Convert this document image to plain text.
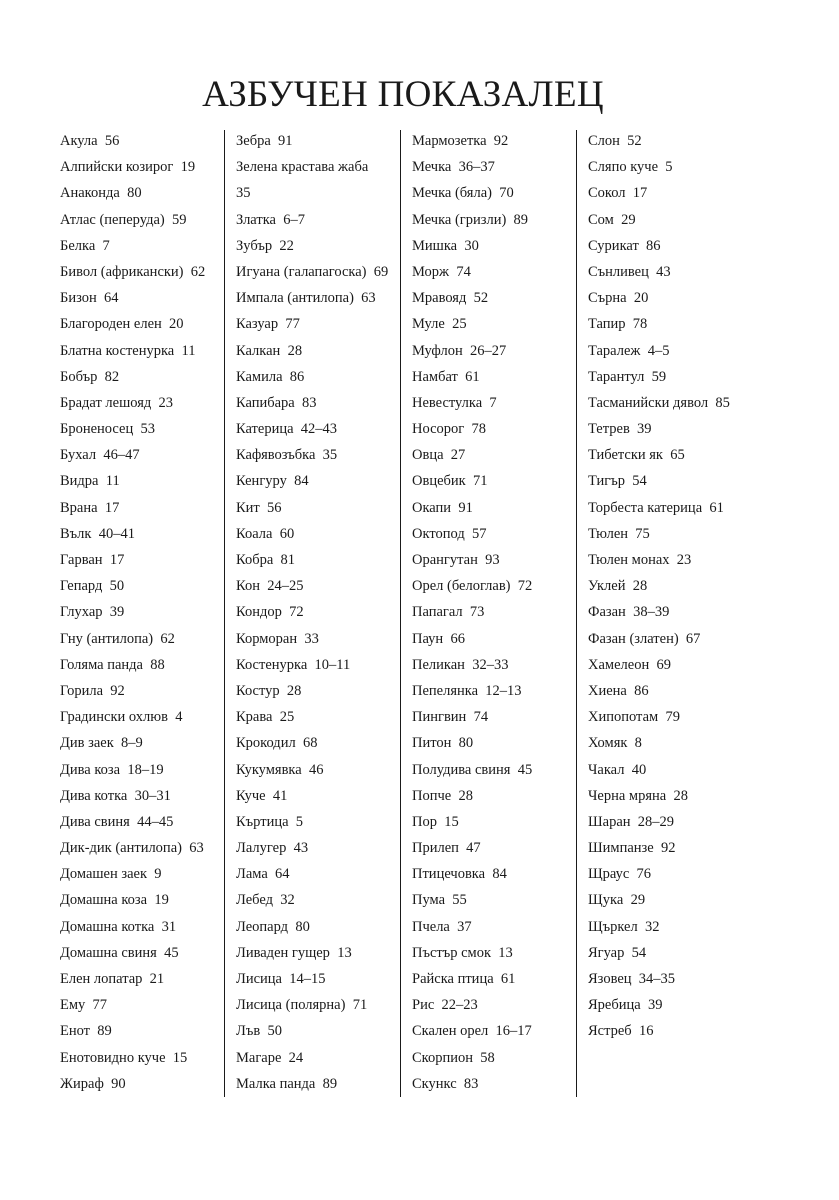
АЗБУЧЕН ПОКАЗАЛЕЦ
Акула 56
Алпийски козирог 19
Анаконда 80
Атлас (пеперуда) 59
Белка 7
Бивол (африкански) 62
Бизон 64
Благороден елен 20
Блатна костенурка 11
Бобър 82
Брадат лешояд 23
Броненосец 53
Бухал 46–47
Видра 11
Врана 17
Вълк 40–41
Гарван 17
Гепард 50
Глухар 39
Гну (антилопа) 62
Голяма панда 88
Горила 92
Градински охлюв 4
Див заек 8–9
Дива коза 18–19
Дива котка 30–31
Дива свиня 44–45
Дик-дик (антилопа) 63
Домашен заек 9
Домашна коза 19
Домашна котка 31
Домашна свиня 45
Елен лопатар 21
Ему 77
Енот 89
Енотовидно куче 15
Жираф 90
Зебра 91
Зелена крастава жаба
35
Златка 6–7
Зубър 22
Игуана (галапагоска) 69
Импала (антилопа) 63
Казуар 77
Калкан 28
Камила 86
Капибара 83
Катерица 42–43
Кафявозъбка 35
Кенгуру 84
Кит 56
Коала 60
Кобра 81
Кон 24–25
Кондор 72
Корморан 33
Костенурка 10–11
Костур 28
Крава 25
Крокодил 68
Кукумявка 46
Куче 41
Къртица 5
Лалугер 43
Лама 64
Лебед 32
Леопард 80
Ливаден гущер 13
Лисица 14–15
Лисица (полярна) 71
Лъв 50
Магаре 24
Малка панда 89
Мармозетка 92
Мечка 36–37
Мечка (бяла) 70
Мечка (гризли) 89
Мишка 30
Морж 74
Мравояд 52
Муле 25
Муфлон 26–27
Намбат 61
Невестулка 7
Носорог 78
Овца 27
Овцебик 71
Окапи 91
Октопод 57
Орангутан 93
Орел (белоглав) 72
Папагал 73
Паун 66
Пеликан 32–33
Пепелянка 12–13
Пингвин 74
Питон 80
Полудива свиня 45
Попче 28
Пор 15
Прилеп 47
Птицечовка 84
Пума 55
Пчела 37
Пъстър смок 13
Райска птица 61
Рис 22–23
Скален орел 16–17
Скорпион 58
Скункс 83
Слон 52
Сляпо куче 5
Сокол 17
Сом 29
Сурикат 86
Сънливец 43
Сърна 20
Тапир 78
Таралеж 4–5
Тарантул 59
Тасманийски дявол 85
Тетрев 39
Тибетски як 65
Тигър 54
Торбеста катерица 61
Тюлен 75
Тюлен монах 23
Уклей 28
Фазан 38–39
Фазан (златен) 67
Хамелеон 69
Хиена 86
Хипопотам 79
Хомяк 8
Чакал 40
Черна мряна 28
Шаран 28–29
Шимпанзе 92
Щраус 76
Щука 29
Щъркел 32
Ягуар 54
Язовец 34–35
Яребица 39
Ястреб 16
